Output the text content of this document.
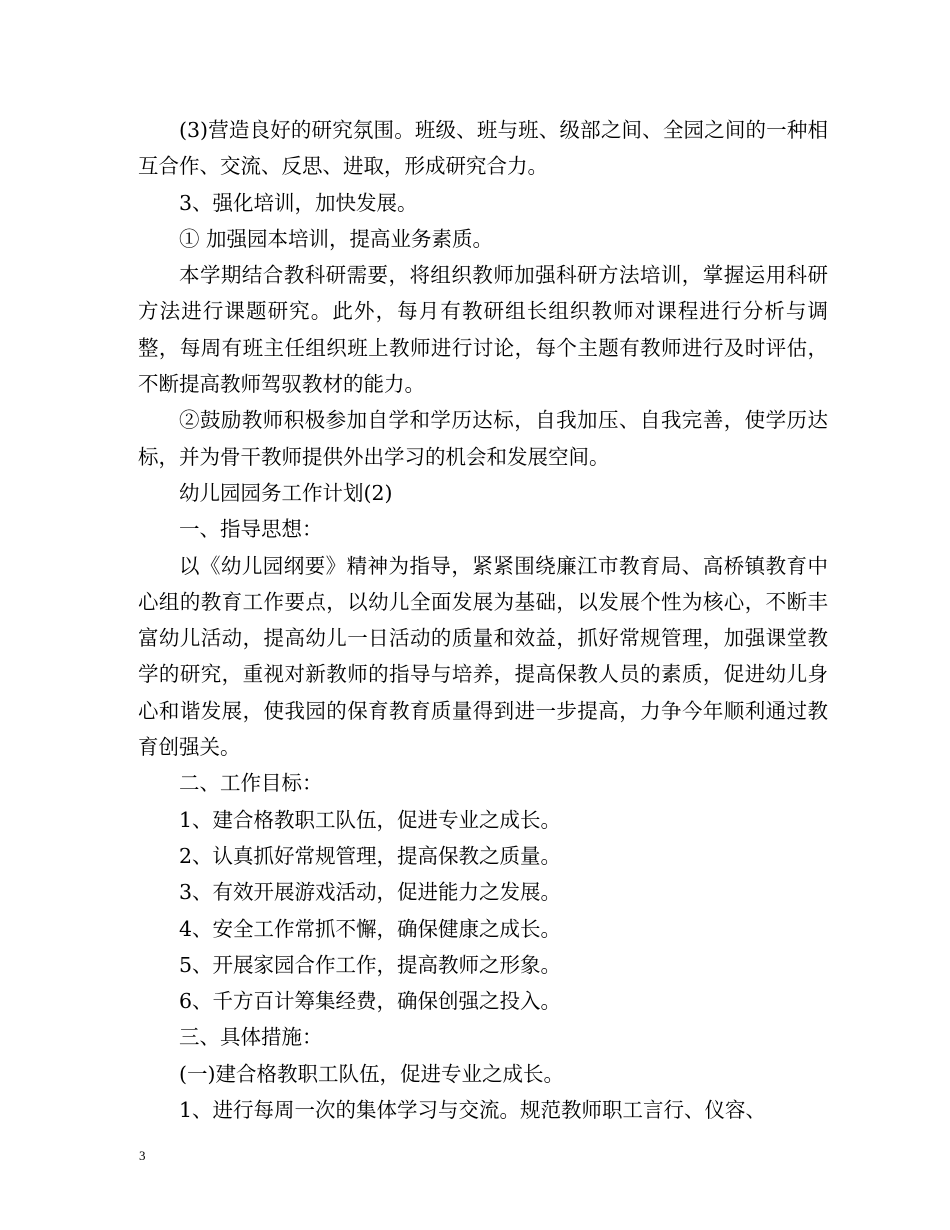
(3)营造良好的研究氛围。班级、班与班、级部之间、全园之间的一种相互合作、交流、反思、进取，形成研究合力。

3、强化培训，加快发展。

① 加强园本培训，提高业务素质。

本学期结合教科研需要，将组织教师加强科研方法培训，掌握运用科研方法进行课题研究。此外，每月有教研组长组织教师对课程进行分析与调整，每周有班主任组织班上教师进行讨论，每个主题有教师进行及时评估，不断提高教师驾驭教材的能力。

②鼓励教师积极参加自学和学历达标，自我加压、自我完善，使学历达标，并为骨干教师提供外出学习的机会和发展空间。

幼儿园园务工作计划(2)

一、指导思想：

以《幼儿园纲要》精神为指导，紧紧围绕廉江市教育局、高桥镇教育中心组的教育工作要点，以幼儿全面发展为基础，以发展个性为核心，不断丰富幼儿活动，提高幼儿一日活动的质量和效益，抓好常规管理，加强课堂教学的研究，重视对新教师的指导与培养，提高保教人员的素质，促进幼儿身心和谐发展，使我园的保育教育质量得到进一步提高，力争今年顺利通过教育创强关。

二、工作目标：

1、建合格教职工队伍，促进专业之成长。

2、认真抓好常规管理，提高保教之质量。

3、有效开展游戏活动，促进能力之发展。

4、安全工作常抓不懈，确保健康之成长。

5、开展家园合作工作，提高教师之形象。

6、千方百计筹集经费，确保创强之投入。

三、具体措施：

(一)建合格教职工队伍，促进专业之成长。

1、进行每周一次的集体学习与交流。规范教师职工言行、仪容、

3
